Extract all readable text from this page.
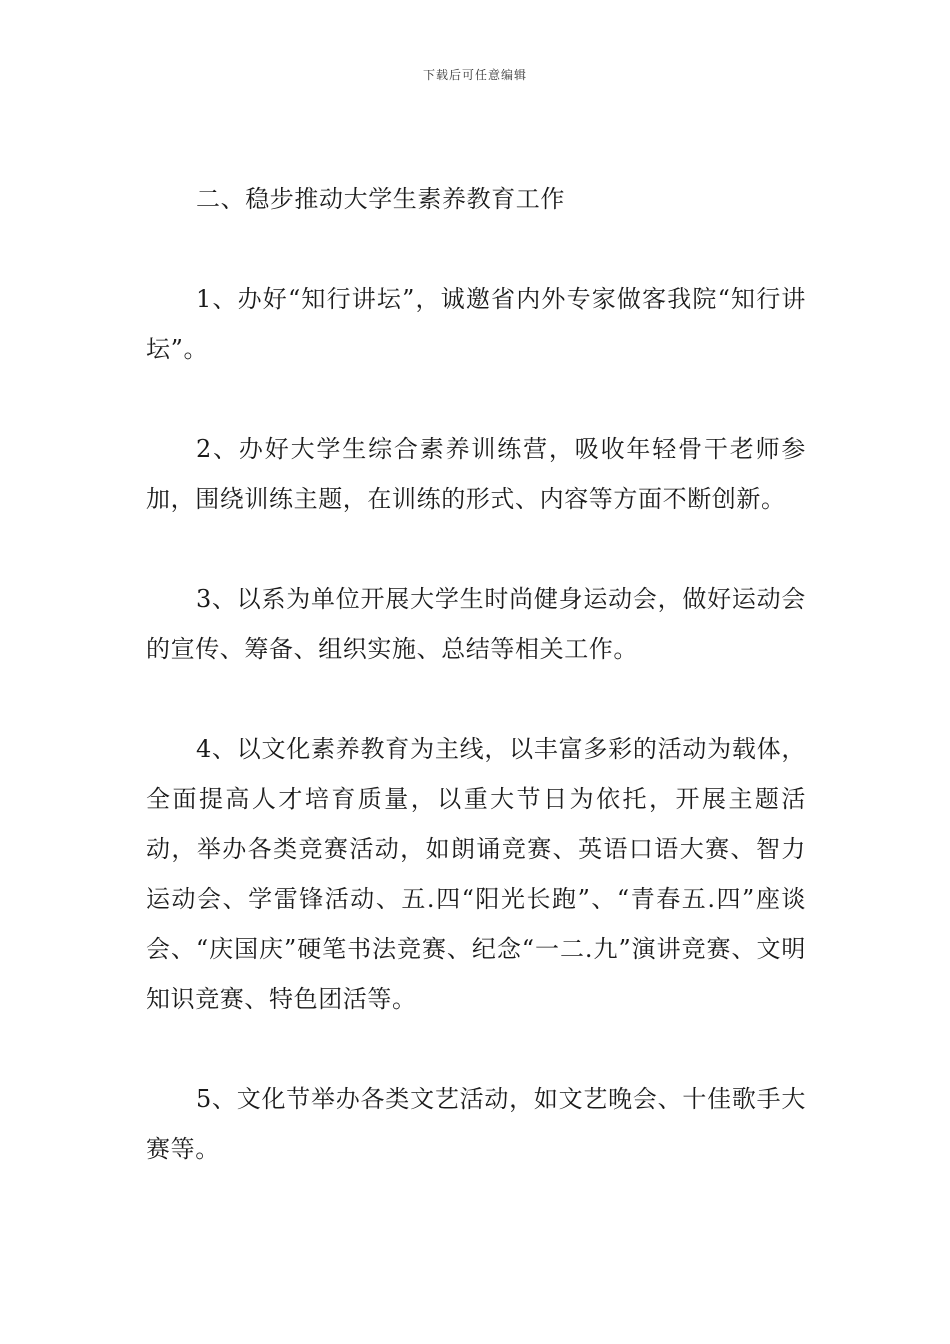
下载后可任意编辑

二、稳步推动大学生素养教育工作

1、办好“知行讲坛”，诚邀省内外专家做客我院“知行讲坛”。

2、办好大学生综合素养训练营，吸收年轻骨干老师参加，围绕训练主题，在训练的形式、内容等方面不断创新。

3、以系为单位开展大学生时尚健身运动会，做好运动会的宣传、筹备、组织实施、总结等相关工作。

4、以文化素养教育为主线，以丰富多彩的活动为载体，全面提高人才培育质量，以重大节日为依托，开展主题活动，举办各类竞赛活动，如朗诵竞赛、英语口语大赛、智力运动会、学雷锋活动、五.四“阳光长跑”、“青春五.四”座谈会、“庆国庆”硬笔书法竞赛、纪念“一二.九”演讲竞赛、文明知识竞赛、特色团活等。

5、文化节举办各类文艺活动，如文艺晚会、十佳歌手大赛等。
